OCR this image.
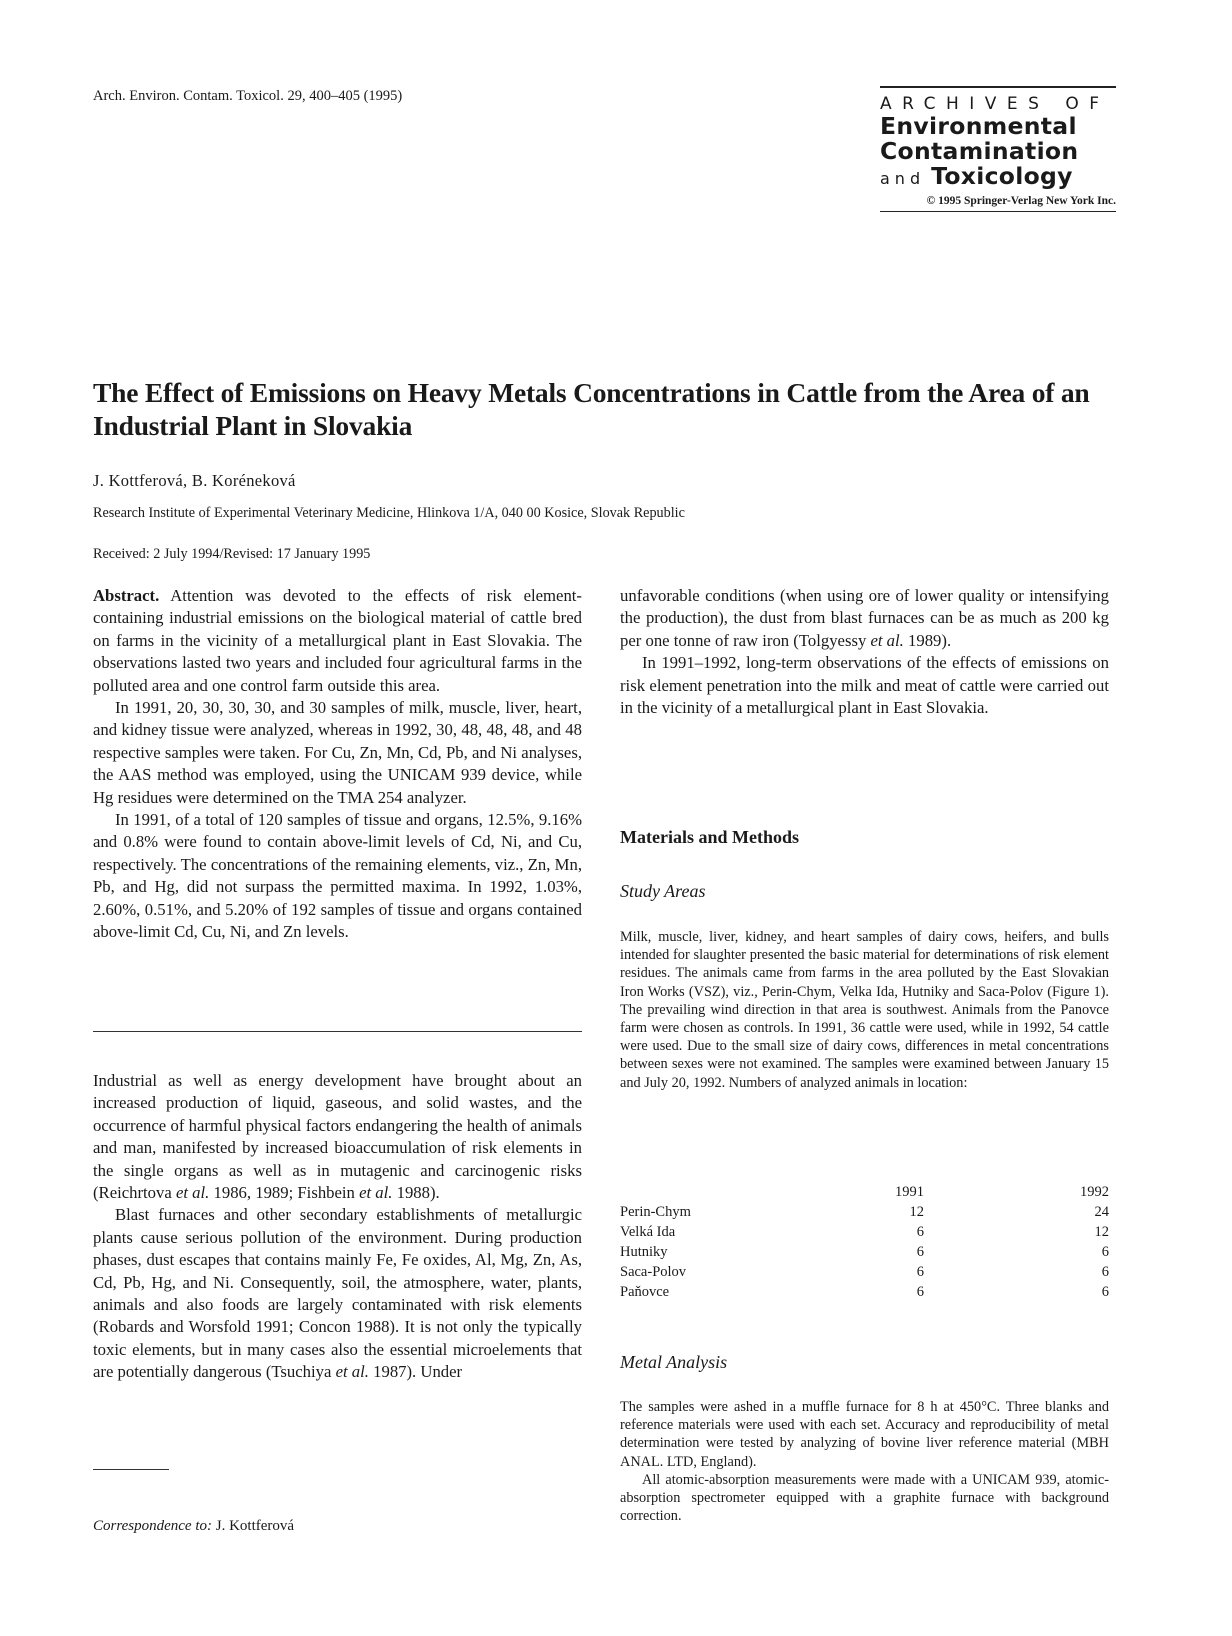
Arch. Environ. Contam. Toxicol. 29, 400–405 (1995)	ARCHIVES OF
Environmental
Contamination
and Toxicology
© 1995 Springer-Verlag New York Inc.
The Effect of Emissions on Heavy Metals Concentrations in Cattle from the Area of an Industrial Plant in Slovakia
J. Kottferová, B. Koréneková
Research Institute of Experimental Veterinary Medicine, Hlinkova 1/A, 040 00 Kosice, Slovak Republic
Received: 2 July 1994/Revised: 17 January 1995

Abstract. Attention was devoted to the effects of risk element-containing industrial emissions on the biological material of cattle bred on farms in the vicinity of a metallurgical plant in East Slovakia. The observations lasted two years and included four agricultural farms in the polluted area and one control farm outside this area.

In 1991, 20, 30, 30, 30, and 30 samples of milk, muscle, liver, heart, and kidney tissue were analyzed, whereas in 1992, 30, 48, 48, 48, and 48 respective samples were taken. For Cu, Zn, Mn, Cd, Pb, and Ni analyses, the AAS method was employed, using the UNICAM 939 device, while Hg residues were determined on the TMA 254 analyzer.

In 1991, of a total of 120 samples of tissue and organs, 12.5%, 9.16% and 0.8% were found to contain above-limit levels of Cd, Ni, and Cu, respectively. The concentrations of the remaining elements, viz., Zn, Mn, Pb, and Hg, did not surpass the permitted maxima. In 1992, 1.03%, 2.60%, 0.51%, and 5.20% of 192 samples of tissue and organs contained above-limit Cd, Cu, Ni, and Zn levels.

Industrial as well as energy development have brought about an increased production of liquid, gaseous, and solid wastes, and the occurrence of harmful physical factors endangering the health of animals and man, manifested by increased bioaccumulation of risk elements in the single organs as well as in mutagenic and carcinogenic risks (Reichrtova et al. 1986, 1989; Fishbein et al. 1988).

Blast furnaces and other secondary establishments of metallurgic plants cause serious pollution of the environment. During production phases, dust escapes that contains mainly Fe, Fe oxides, Al, Mg, Zn, As, Cd, Pb, Hg, and Ni. Consequently, soil, the atmosphere, water, plants, animals and also foods are largely contaminated with risk elements (Robards and Worsfold 1991; Concon 1988). It is not only the typically toxic elements, but in many cases also the essential microelements that are potentially dangerous (Tsuchiya et al. 1987). Under

Correspondence to: J. Kottferová

unfavorable conditions (when using ore of lower quality or intensifying the production), the dust from blast furnaces can be as much as 200 kg per one tonne of raw iron (Tolgyessy et al. 1989).

In 1991–1992, long-term observations of the effects of emissions on risk element penetration into the milk and meat of cattle were carried out in the vicinity of a metallurgical plant in East Slovakia.

Materials and Methods
Study Areas

Milk, muscle, liver, kidney, and heart samples of dairy cows, heifers, and bulls intended for slaughter presented the basic material for determinations of risk element residues. The animals came from farms in the area polluted by the East Slovakian Iron Works (VSZ), viz., Perin-Chym, Velka Ida, Hutniky and Saca-Polov (Figure 1). The prevailing wind direction in that area is southwest. Animals from the Panovce farm were chosen as controls. In 1991, 36 cattle were used, while in 1992, 54 cattle were used. Due to the small size of dairy cows, differences in metal concentrations between sexes were not examined. The samples were examined between January 15 and July 20, 1992. Numbers of analyzed animals in location:

	1991	1992
Perin-Chym	12	24
Velká Ida	6	12
Hutniky	6	6
Saca-Polov	6	6
Paňovce	6	6
Metal Analysis

The samples were ashed in a muffle furnace for 8 h at 450°C. Three blanks and reference materials were used with each set. Accuracy and reproducibility of metal determination were tested by analyzing of bovine liver reference material (MBH ANAL. LTD, England).

All atomic-absorption measurements were made with a UNICAM 939, atomic-absorption spectrometer equipped with a graphite furnace with background correction.
